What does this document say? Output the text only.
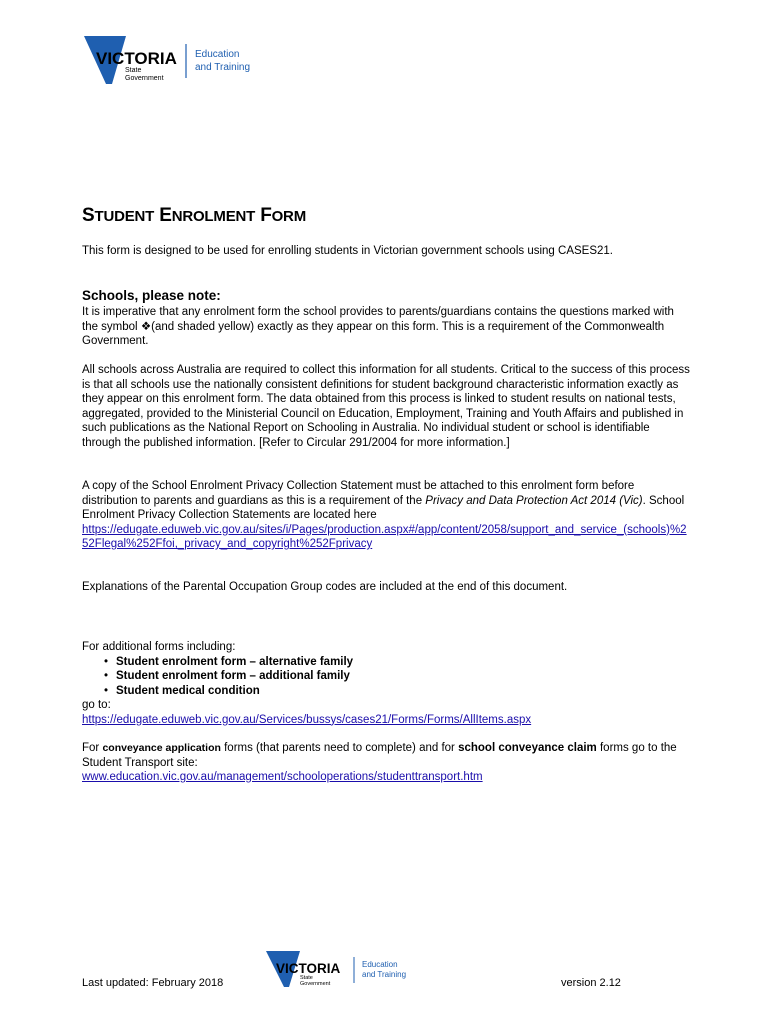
VICTORIA
State
Government
Education
and Training
STUDENT ENROLMENT FORM
This form is designed to be used for enrolling students in Victorian government schools using CASES21.
Schools, please note:
It is imperative that any enrolment form the school provides to parents/guardians contains the questions marked with the symbol ❖(and shaded yellow) exactly as they appear on this form. This is a requirement of the Commonwealth Government.
All schools across Australia are required to collect this information for all students. Critical to the success of this process is that all schools use the nationally consistent definitions for student background characteristic information exactly as they appear on this enrolment form. The data obtained from this process is linked to student results on national tests, aggregated, provided to the Ministerial Council on Education, Employment, Training and Youth Affairs and published in such publications as the National Report on Schooling in Australia. No individual student or school is identifiable through the published information. [Refer to Circular 291/2004 for more information.]
A copy of the School Enrolment Privacy Collection Statement must be attached to this enrolment form before distribution to parents and guardians as this is a requirement of the Privacy and Data Protection Act 2014 (Vic). School Enrolment Privacy Collection Statements are located here
https://edugate.eduweb.vic.gov.au/sites/i/Pages/production.aspx#/app/content/2058/support_and_service_(schools)%252Flegal%252Ffoi,_privacy_and_copyright%252Fprivacy
Explanations of the Parental Occupation Group codes are included at the end of this document.
For additional forms including:
• Student enrolment form – alternative family
• Student enrolment form – additional family
• Student medical condition
go to:
https://edugate.eduweb.vic.gov.au/Services/bussys/cases21/Forms/Forms/AllItems.aspx
For conveyance application forms (that parents need to complete) and for school conveyance claim forms go to the Student Transport site:
www.education.vic.gov.au/management/schooloperations/studenttransport.htm
VICTORIA
State
Government
Education
and Training
Last updated: February 2018	version 2.12
